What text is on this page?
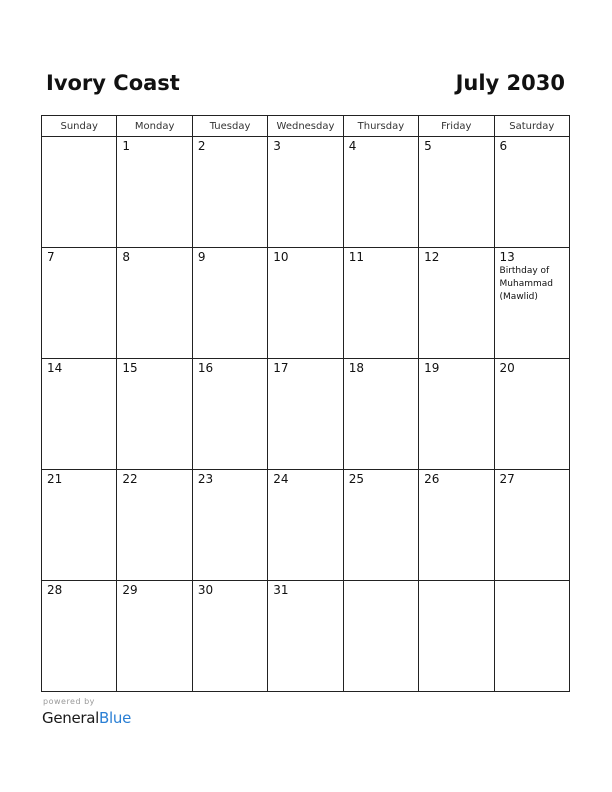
Ivory Coast	July 2030
Sunday	Monday	Tuesday	Wednesday	Thursday	Friday	Saturday

	1	2	3	4	5	6

7	8	9	10	11	12	13
Birthday of Muhammad (Mawlid)

14	15	16	17	18	19	20

21	22	23	24	25	26	27

28	29	30	31			

powered by
GeneralBlue
